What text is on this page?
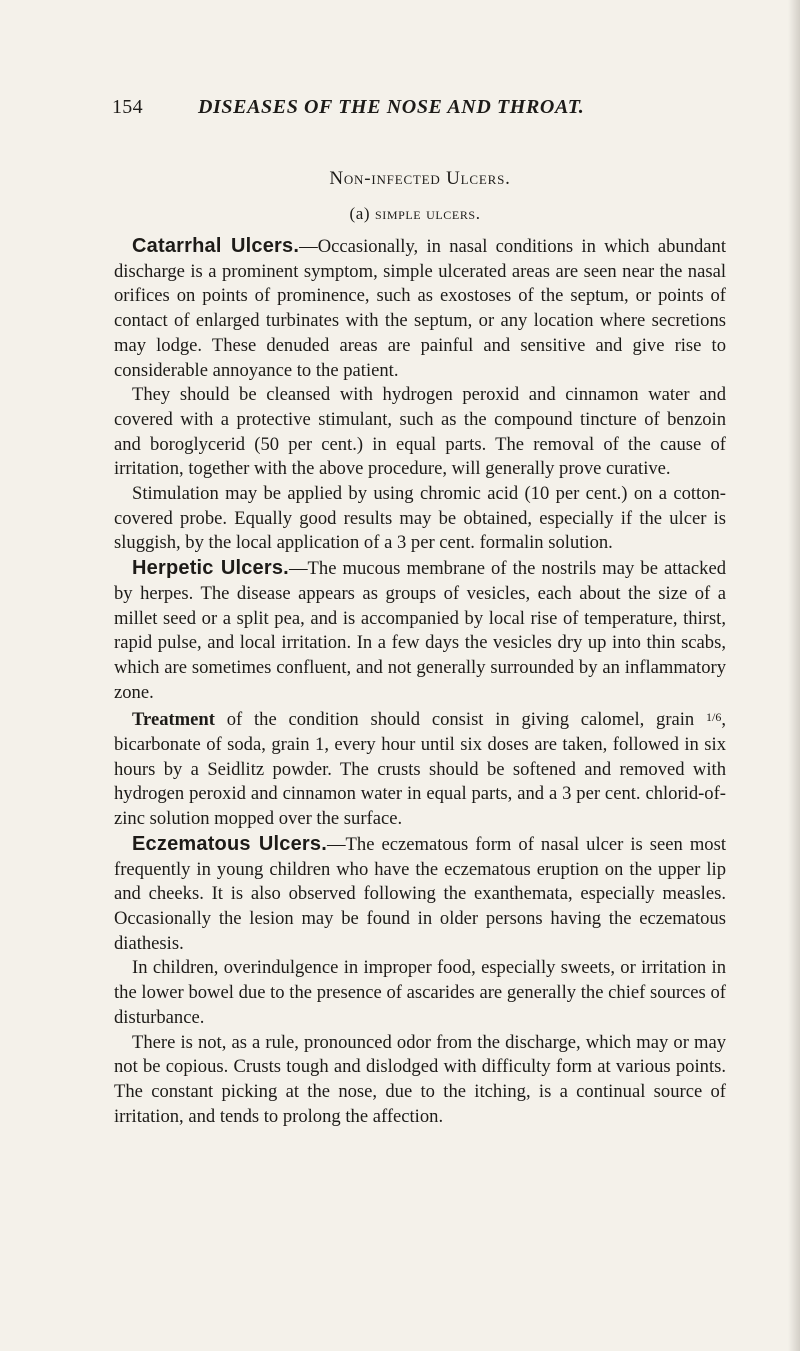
154	DISEASES OF THE NOSE AND THROAT.
Non-infected Ulcers.
(a) simple ulcers.

Catarrhal Ulcers.—Occasionally, in nasal conditions in which abundant discharge is a prominent symptom, simple ulcerated areas are seen near the nasal orifices on points of prominence, such as exostoses of the septum, or points of contact of enlarged turbinates with the septum, or any location where secretions may lodge. These denuded areas are painful and sensitive and give rise to considerable annoyance to the patient.

They should be cleansed with hydrogen peroxid and cinnamon water and covered with a protective stimulant, such as the compound tincture of benzoin and boroglycerid (50 per cent.) in equal parts. The removal of the cause of irritation, together with the above procedure, will generally prove curative.

Stimulation may be applied by using chromic acid (10 per cent.) on a cotton-covered probe. Equally good results may be obtained, especially if the ulcer is sluggish, by the local application of a 3 per cent. formalin solution.

Herpetic Ulcers.—The mucous membrane of the nostrils may be attacked by herpes. The disease appears as groups of vesicles, each about the size of a millet seed or a split pea, and is accompanied by local rise of temperature, thirst, rapid pulse, and local irritation. In a few days the vesicles dry up into thin scabs, which are sometimes confluent, and not generally surrounded by an inflammatory zone.

Treatment of the condition should consist in giving calomel, grain $^{1/6}$, bicarbonate of soda, grain 1, every hour until six doses are taken, followed in six hours by a Seidlitz powder. The crusts should be softened and removed with hydrogen peroxid and cinnamon water in equal parts, and a 3 per cent. chlorid-of-zinc solution mopped over the surface.

Eczematous Ulcers.—The eczematous form of nasal ulcer is seen most frequently in young children who have the eczematous eruption on the upper lip and cheeks. It is also observed following the exanthemata, especially measles. Occasionally the lesion may be found in older persons having the eczematous diathesis.

In children, overindulgence in improper food, especially sweets, or irritation in the lower bowel due to the presence of ascarides are generally the chief sources of disturbance.

There is not, as a rule, pronounced odor from the discharge, which may or may not be copious. Crusts tough and dislodged with difficulty form at various points. The constant picking at the nose, due to the itching, is a continual source of irritation, and tends to prolong the affection.
